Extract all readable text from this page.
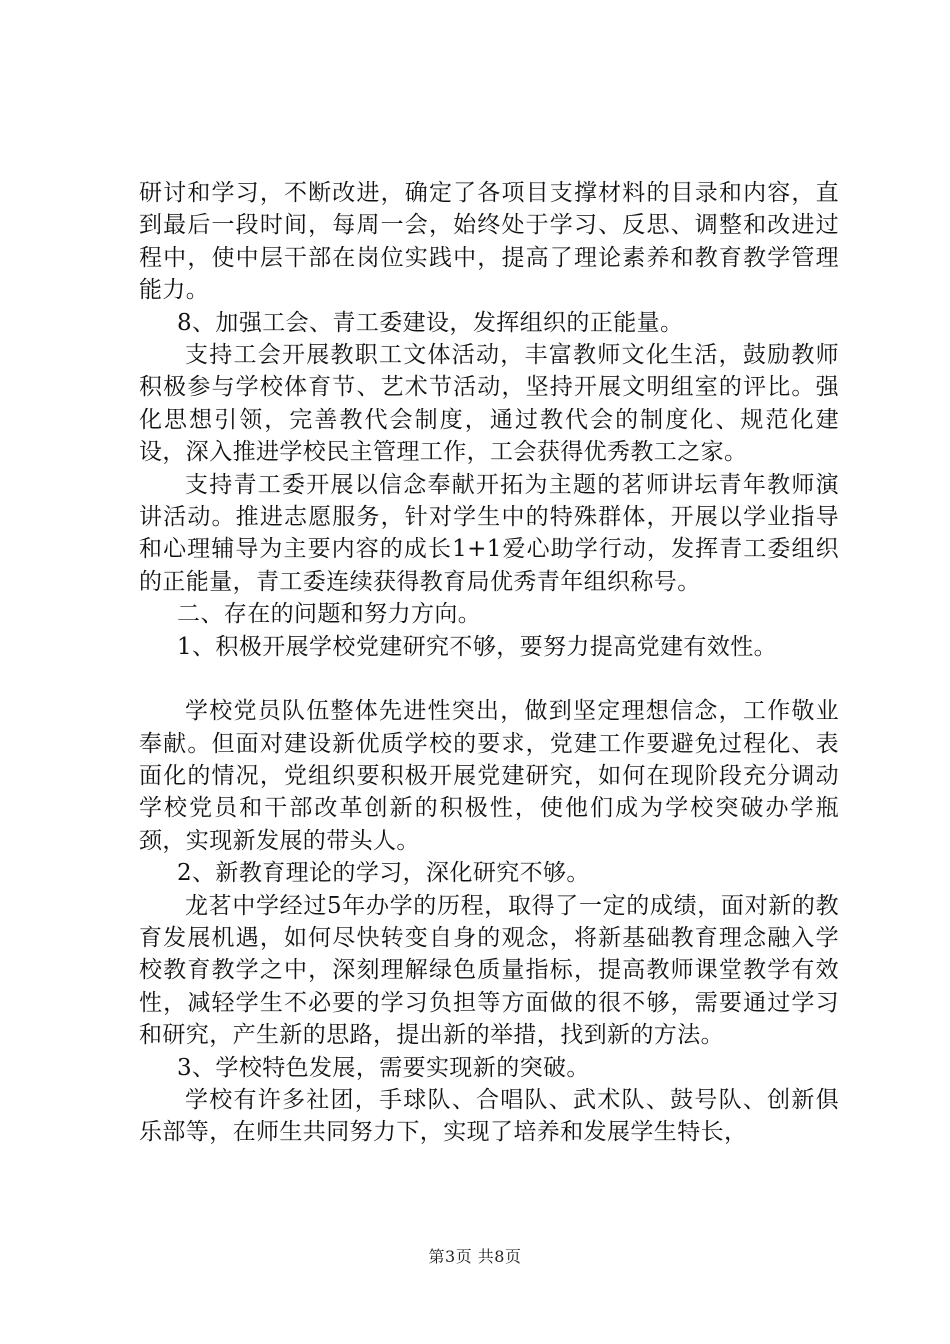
研讨和学习，不断改进，确定了各项目支撑材料的目录和内容，直到最后一段时间，每周一会，始终处于学习、反思、调整和改进过程中，使中层干部在岗位实践中，提高了理论素养和教育教学管理能力。

8、加强工会、青工委建设，发挥组织的正能量。

支持工会开展教职工文体活动，丰富教师文化生活，鼓励教师积极参与学校体育节、艺术节活动，坚持开展文明组室的评比。强化思想引领，完善教代会制度，通过教代会的制度化、规范化建设，深入推进学校民主管理工作，工会获得优秀教工之家。

支持青工委开展以信念奉献开拓为主题的茗师讲坛青年教师演讲活动。推进志愿服务，针对学生中的特殊群体，开展以学业指导和心理辅导为主要内容的成长1+1爱心助学行动，发挥青工委组织的正能量，青工委连续获得教育局优秀青年组织称号。

二、存在的问题和努力方向。

1、积极开展学校党建研究不够，要努力提高党建有效性。

学校党员队伍整体先进性突出，做到坚定理想信念，工作敬业奉献。但面对建设新优质学校的要求，党建工作要避免过程化、表面化的情况，党组织要积极开展党建研究，如何在现阶段充分调动学校党员和干部改革创新的积极性，使他们成为学校突破办学瓶颈，实现新发展的带头人。

2、新教育理论的学习，深化研究不够。

龙茗中学经过5年办学的历程，取得了一定的成绩，面对新的教育发展机遇，如何尽快转变自身的观念，将新基础教育理念融入学校教育教学之中，深刻理解绿色质量指标，提高教师课堂教学有效性，减轻学生不必要的学习负担等方面做的很不够，需要通过学习和研究，产生新的思路，提出新的举措，找到新的方法。

3、学校特色发展，需要实现新的突破。

学校有许多社团，手球队、合唱队、武术队、鼓号队、创新俱乐部等，在师生共同努力下，实现了培养和发展学生特长，

第3页 共8页
